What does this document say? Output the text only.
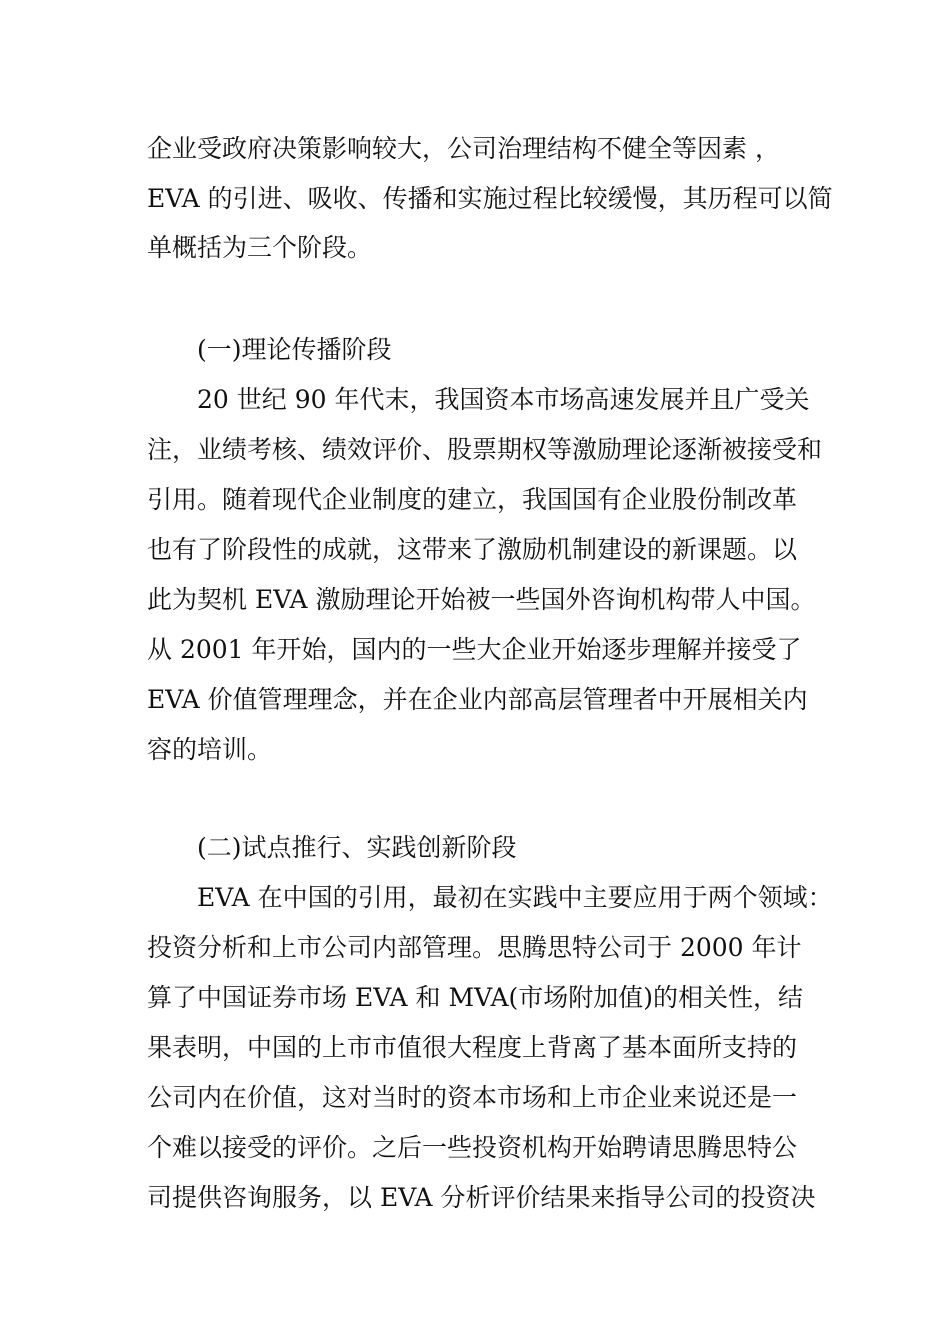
企业受政府决策影响较大，公司治理结构不健全等因素 ，
EVA 的引进、吸收、传播和实施过程比较缓慢，其历程可以简
单概括为三个阶段。
(一)理论传播阶段
20 世纪 90 年代末，我国资本市场高速发展并且广受关
注，业绩考核、绩效评价、股票期权等激励理论逐渐被接受和
引用。随着现代企业制度的建立，我国国有企业股份制改革
也有了阶段性的成就，这带来了激励机制建设的新课题。以
此为契机 EVA 激励理论开始被一些国外咨询机构带人中国。
从 2001 年开始，国内的一些大企业开始逐步理解并接受了
EVA 价值管理理念，并在企业内部高层管理者中开展相关内
容的培训。
(二)试点推行、实践创新阶段
EVA 在中国的引用，最初在实践中主要应用于两个领域：
投资分析和上市公司内部管理。思腾思特公司于 2000 年计
算了中国证券市场 EVA 和 MVA(市场附加值)的相关性，结
果表明，中国的上市市值很大程度上背离了基本面所支持的
公司内在价值，这对当时的资本市场和上市企业来说还是一
个难以接受的评价。之后一些投资机构开始聘请思腾思特公
司提供咨询服务，以 EVA 分析评价结果来指导公司的投资决
